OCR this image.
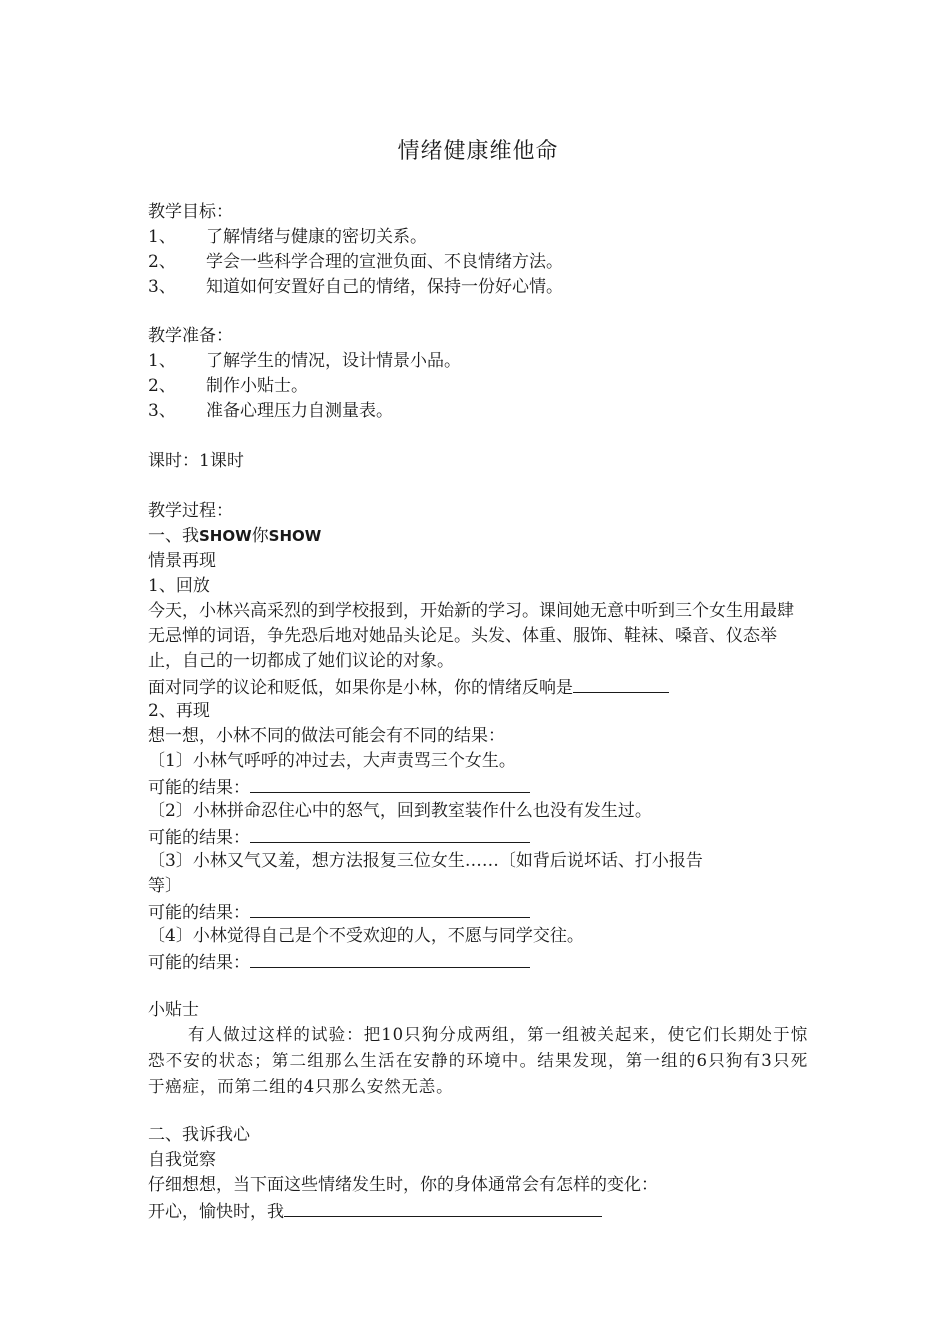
情绪健康维他命
教学目标：
1、 了解情绪与健康的密切关系。
2、 学会一些科学合理的宣泄负面、不良情绪方法。
3、 知道如何安置好自己的情绪，保持一份好心情。
教学准备：
1、 了解学生的情况，设计情景小品。
2、 制作小贴士。
3、 准备心理压力自测量表。
课时：1课时
教学过程：
一、我SHOW你SHOW
情景再现
1、回放
今天，小林兴高采烈的到学校报到，开始新的学习。课间她无意中听到三个女生用最肆无忌惮的词语，争先恐后地对她品头论足。头发、体重、服饰、鞋袜、嗓音、仪态举止，自己的一切都成了她们议论的对象。
面对同学的议论和贬低，如果你是小林，你的情绪反响是
2、再现
想一想，小林不同的做法可能会有不同的结果：
〔1〕小林气呼呼的冲过去，大声责骂三个女生。
可能的结果：
〔2〕小林拼命忍住心中的怒气，回到教室装作什么也没有发生过。
可能的结果：
〔3〕小林又气又羞，想方法报复三位女生……〔如背后说坏话、打小报告
等〕
可能的结果：
〔4〕小林觉得自己是个不受欢迎的人，不愿与同学交往。
可能的结果：
小贴士
有人做过这样的试验：把10只狗分成两组，第一组被关起来，使它们长期处于惊恐不安的状态；第二组那么生活在安静的环境中。结果发现，第一组的6只狗有3只死于癌症，而第二组的4只那么安然无恙。
二、我诉我心
自我觉察
仔细想想，当下面这些情绪发生时，你的身体通常会有怎样的变化：
开心，愉快时，我
